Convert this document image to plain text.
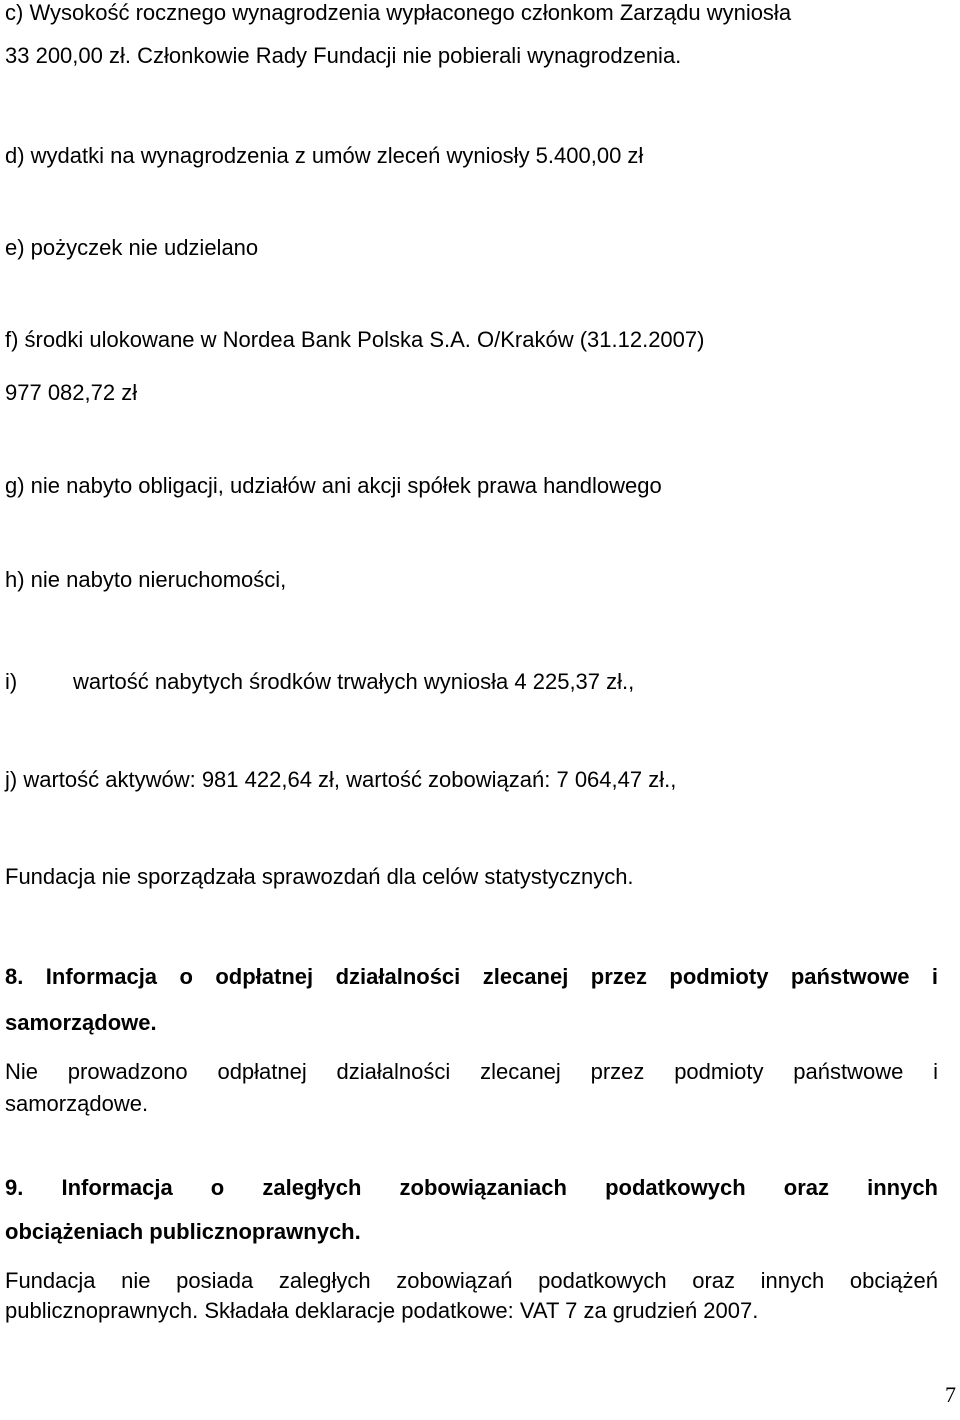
c) Wysokość rocznego wynagrodzenia wypłaconego członkom Zarządu wyniosła

33 200,00 zł. Członkowie Rady Fundacji nie pobierali wynagrodzenia.

d) wydatki na wynagrodzenia z umów zleceń wyniosły 5.400,00 zł

e) pożyczek nie udzielano

f) środki ulokowane w Nordea Bank Polska S.A. O/Kraków (31.12.2007)

977 082,72 zł

g) nie nabyto obligacji, udziałów ani akcji spółek prawa handlowego

h) nie nabyto nieruchomości,

i)	wartość nabytych środków trwałych wyniosła 4 225,37 zł.,

j) wartość aktywów: 981 422,64 zł, wartość zobowiązań: 7 064,47 zł.,

Fundacja nie sporządzała sprawozdań dla celów statystycznych.

8. Informacja o odpłatnej działalności zlecanej przez podmioty państwowe i

samorządowe.

Nie prowadzono odpłatnej działalności zlecanej przez podmioty państwowe i

samorządowe.

9. Informacja o zaległych zobowiązaniach podatkowych oraz innych

obciążeniach publicznoprawnych.

Fundacja nie posiada zaległych zobowiązań podatkowych oraz innych obciążeń

publicznoprawnych. Składała deklaracje podatkowe: VAT 7 za grudzień 2007.

7
